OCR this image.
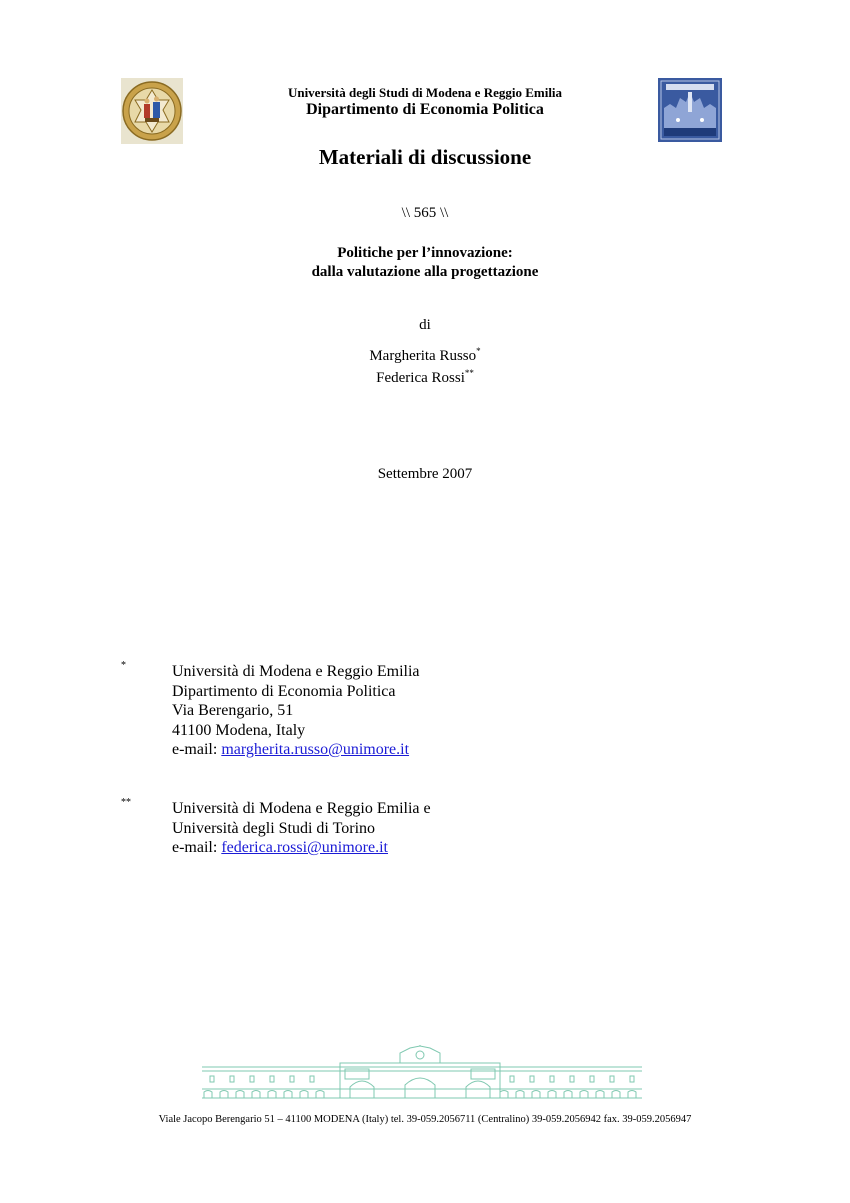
Università degli Studi di Modena e Reggio Emilia
Dipartimento di Economia Politica
Materiali di discussione
\\ 565 \\
Politiche per l’innovazione:
dalla valutazione alla progettazione
di
Margherita Russo*
Federica Rossi**
Settembre 2007
*	Università di Modena e Reggio Emilia
Dipartimento di Economia Politica
Via Berengario, 51
41100 Modena, Italy
e-mail: margherita.russo@unimore.it
**	Università di Modena e Reggio Emilia e
Università degli Studi di Torino
e-mail: federica.rossi@unimore.it
Viale Jacopo Berengario 51 – 41100 MODENA (Italy) tel. 39-059.2056711 (Centralino) 39-059.2056942 fax. 39-059.2056947
